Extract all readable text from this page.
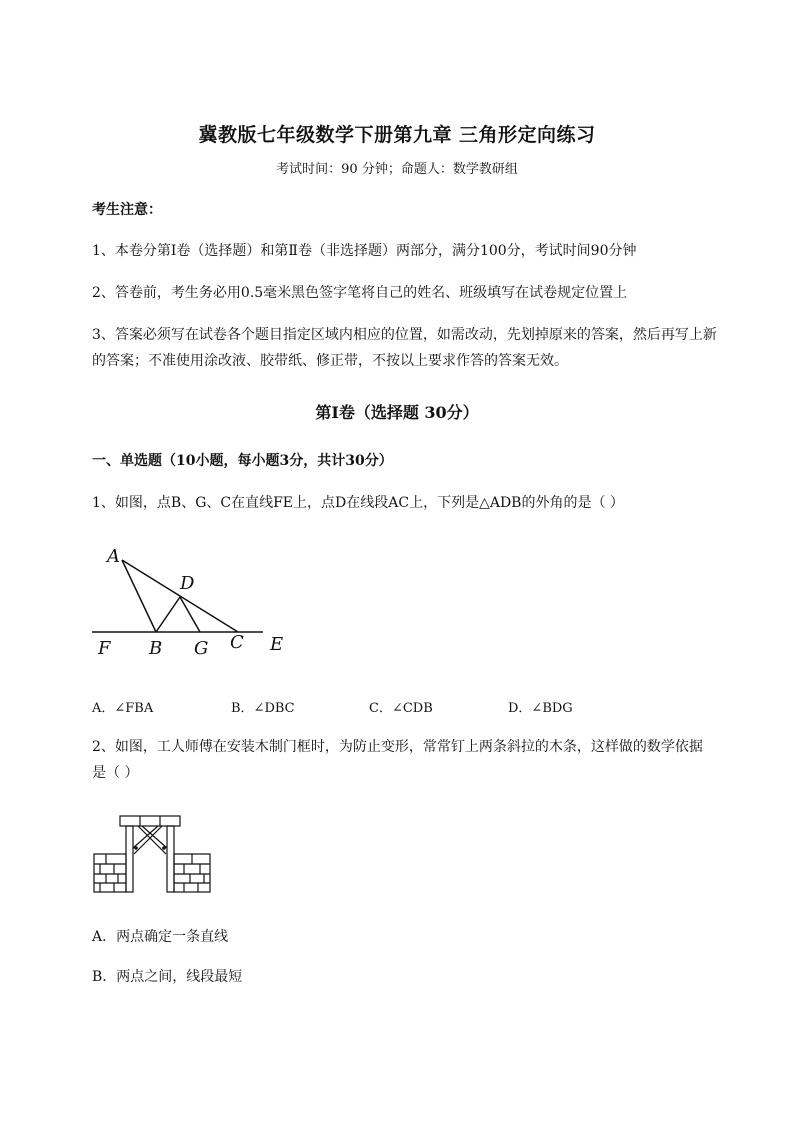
冀教版七年级数学下册第九章 三角形定向练习
考试时间：90 分钟；命题人：数学教研组
考生注意：
1、本卷分第I卷（选择题）和第Ⅱ卷（非选择题）两部分，满分100分，考试时间90分钟
2、答卷前，考生务必用0.5毫米黑色签字笔将自己的姓名、班级填写在试卷规定位置上
3、答案必须写在试卷各个题目指定区域内相应的位置，如需改动，先划掉原来的答案，然后再写上新
的答案；不准使用涂改液、胶带纸、修正带，不按以上要求作答的答案无效。
第Ⅰ卷（选择题 30分）
一、单选题（10小题，每小题3分，共计30分）
1、如图，点B、G、C在直线FE上，点D在线段AC上，下列是△ADB的外角的是（ ）
A
D
F B G C E
A．∠FBA	B．∠DBC	C．∠CDB	D．∠BDG
2、如图，工人师傅在安装木制门框时，为防止变形，常常钉上两条斜拉的木条，这样做的数学依据
是（ ）
A．两点确定一条直线
B．两点之间，线段最短
